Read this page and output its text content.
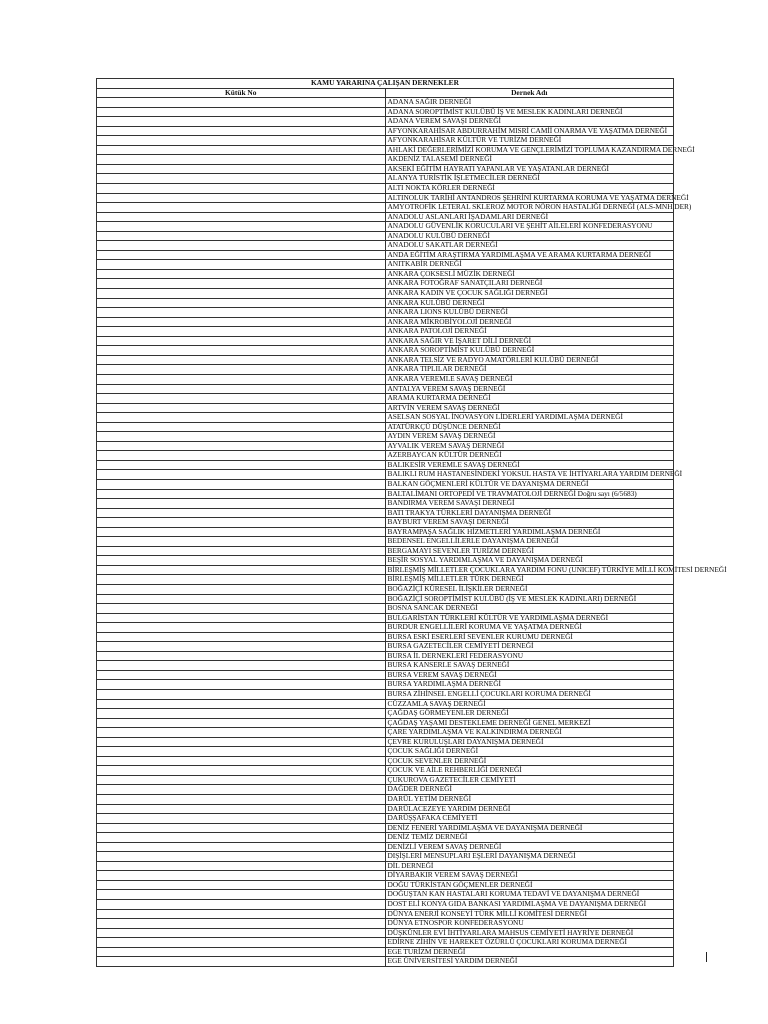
KAMU YARARINA ÇALIŞAN DERNEKLER	
Kütük No	Dernek Adı
	ADANA SAĞIR DERNEĞİ
	ADANA SOROPTİMİST KULÜBÜ İŞ VE MESLEK KADINLARI DERNEĞİ
	ADANA VEREM SAVAŞI DERNEĞİ
	AFYONKARAHİSAR ABDURRAHİM MISRİ CAMİİ ONARMA VE YAŞATMA DERNEĞİ
	AFYONKARAHİSAR KÜLTÜR VE TURİZM DERNEĞİ
	AHLAKİ DEĞERLERİMİZİ KORUMA VE GENÇLERİMİZİ TOPLUMA KAZANDIRMA DERNEĞİ
	AKDENİZ TALASEMİ DERNEĞİ
	AKSEKİ EĞİTİM HAYRATI YAPANLAR VE YAŞATANLAR DERNEĞİ
	ALANYA TURİSTİK İŞLETMECİLER DERNEĞİ
	ALTI NOKTA KÖRLER DERNEĞİ
	ALTINOLUK TARİHİ ANTANDROS ŞEHRİNİ KURTARMA KORUMA VE YAŞATMA DERNEĞİ
	AMYOTROFİK LETERAL SKLEROZ MOTOR NÖRON HASTALIĞI DERNEĞİ (ALS-MNH DER)
	ANADOLU ASLANLARI İŞADAMLARI DERNEĞİ
	ANADOLU GÜVENLİK KORUCULARI VE ŞEHİT AİLELERİ KONFEDERASYONU
	ANADOLU KULÜBÜ DERNEĞİ
	ANADOLU SAKATLAR DERNEĞİ
	ANDA EĞİTİM ARAŞTIRMA YARDIMLAŞMA VE ARAMA KURTARMA DERNEĞİ
	ANITKABİR DERNEĞİ
	ANKARA ÇOKSESLİ MÜZİK DERNEĞİ
	ANKARA FOTOĞRAF SANATÇILARI DERNEĞİ
	ANKARA KADIN VE ÇOCUK SAĞLIĞI DERNEĞİ
	ANKARA KULÜBÜ DERNEĞİ
	ANKARA LIONS KULÜBÜ DERNEĞİ
	ANKARA MİKROBİYOLOJİ DERNEĞİ
	ANKARA PATOLOJİ DERNEĞİ
	ANKARA SAĞIR VE İŞARET DİLİ DERNEĞİ
	ANKARA SOROPTİMİST KULÜBÜ DERNEĞİ
	ANKARA TELSİZ VE RADYO AMATÖRLERİ KULÜBÜ DERNEĞİ
	ANKARA TIPLILAR DERNEĞİ
	ANKARA VEREMLE SAVAŞ DERNEĞİ
	ANTALYA VEREM SAVAŞ DERNEĞİ
	ARAMA KURTARMA DERNEĞİ
	ARTVİN VEREM SAVAŞ DERNEĞİ
	ASELSAN SOSYAL İNOVASYON LİDERLERİ YARDIMLAŞMA DERNEĞİ
	ATATÜRKÇÜ DÜŞÜNCE DERNEĞİ
	AYDIN VEREM SAVAŞ DERNEĞİ
	AYVALIK VEREM SAVAŞ DERNEĞİ
	AZERBAYCAN KÜLTÜR DERNEĞİ
	BALIKESİR VEREMLE SAVAŞ DERNEĞİ
	BALIKLI RUM HASTANESİNDEKİ YOKSUL HASTA VE İHTİYARLARA YARDIM DERNEĞİ
	BALKAN GÖÇMENLERİ KÜLTÜR VE DAYANIŞMA DERNEĞİ
	BALTALİMANI ORTOPEDİ VE TRAVMATOLOJİ DERNEĞİ Doğru sayı (6/5683)
	BANDIRMA VEREM SAVAŞI DERNEĞİ
	BATI TRAKYA TÜRKLERİ DAYANIŞMA DERNEĞİ
	BAYBURT VEREM SAVAŞI DERNEĞİ
	BAYRAMPAŞA SAĞLIK HİZMETLERİ YARDIMLAŞMA DERNEĞİ
	BEDENSEL ENGELLİLERLE DAYANIŞMA DERNEĞİ
	BERGAMAYI SEVENLER TURİZM DERNEĞİ
	BEŞİR SOSYAL YARDIMLAŞMA VE DAYANIŞMA DERNEĞİ
	BİRLEŞMİŞ MİLLETLER ÇOCUKLARA YARDIM FONU (UNICEF) TÜRKİYE MİLLİ KOMİTESİ DERNEĞİ
	BİRLEŞMİŞ MİLLETLER TÜRK DERNEĞİ
	BOĞAZİÇİ KÜRESEL İLİŞKİLER DERNEĞİ
	BOĞAZİÇİ SOROPTİMİST KULÜBÜ (İŞ VE MESLEK KADINLARI) DERNEĞİ
	BOSNA SANCAK DERNEĞİ
	BULGARİSTAN TÜRKLERİ KÜLTÜR VE YARDIMLAŞMA DERNEĞİ
	BURDUR ENGELLİLERİ KORUMA VE YAŞATMA DERNEĞİ
	BURSA ESKİ ESERLERİ SEVENLER KURUMU DERNEĞİ
	BURSA GAZETECİLER CEMİYETİ DERNEĞİ
	BURSA İL DERNEKLERİ FEDERASYONU
	BURSA KANSERLE SAVAŞ DERNEĞİ
	BURSA VEREM SAVAŞ DERNEĞİ
	BURSA YARDIMLAŞMA DERNEĞİ
	BURSA ZİHİNSEL ENGELLİ ÇOCUKLARI KORUMA DERNEĞİ
	CÜZZAMLA SAVAŞ DERNEĞİ
	ÇAĞDAŞ GÖRMEYENLER DERNEĞİ
	ÇAĞDAŞ YAŞAMI DESTEKLEME DERNEĞİ GENEL MERKEZİ
	ÇARE YARDIMLAŞMA VE KALKINDIRMA DERNEĞİ
	ÇEVRE KURULUŞLARI DAYANIŞMA DERNEĞİ
	ÇOCUK SAĞLIĞI DERNEĞİ
	ÇOCUK SEVENLER DERNEĞİ
	ÇOCUK VE AİLE REHBERLİĞİ DERNEĞİ
	ÇUKUROVA GAZETECİLER CEMİYETİ
	DAĞDER DERNEĞİ
	DARÜL YETİM DERNEĞİ
	DARÜLACEZEYE YARDIM DERNEĞİ
	DARÜŞŞAFAKA CEMİYETİ
	DENİZ FENERİ YARDIMLAŞMA VE DAYANIŞMA DERNEĞİ
	DENİZ TEMİZ DERNEĞİ
	DENİZLİ VEREM SAVAŞ DERNEĞİ
	DIŞİŞLERİ MENSUPLARI EŞLERİ DAYANIŞMA DERNEĞİ
	DİL DERNEĞİ
	DİYARBAKIR VEREM SAVAŞ DERNEĞİ
	DOĞU TÜRKİSTAN GÖÇMENLER DERNEĞİ
	DOĞUŞTAN KAN HASTALARI KORUMA TEDAVİ VE DAYANIŞMA DERNEĞİ
	DOST ELİ KONYA GIDA BANKASI YARDIMLAŞMA VE DAYANIŞMA DERNEĞİ
	DÜNYA ENERJİ KONSEYİ TÜRK MİLLİ KOMİTESİ DERNEĞİ
	DÜNYA ETNOSPOR KONFEDERASYONU
	DÜŞKÜNLER EVİ İHTİYARLARA MAHSUS CEMİYETİ HAYRİYE DERNEĞİ
	EDİRNE ZİHİN VE HAREKET ÖZÜRLÜ ÇOCUKLARI KORUMA DERNEĞİ
	EGE TURİZM DERNEĞİ
	EGE ÜNİVERSİTESİ YARDIM DERNEĞİ
